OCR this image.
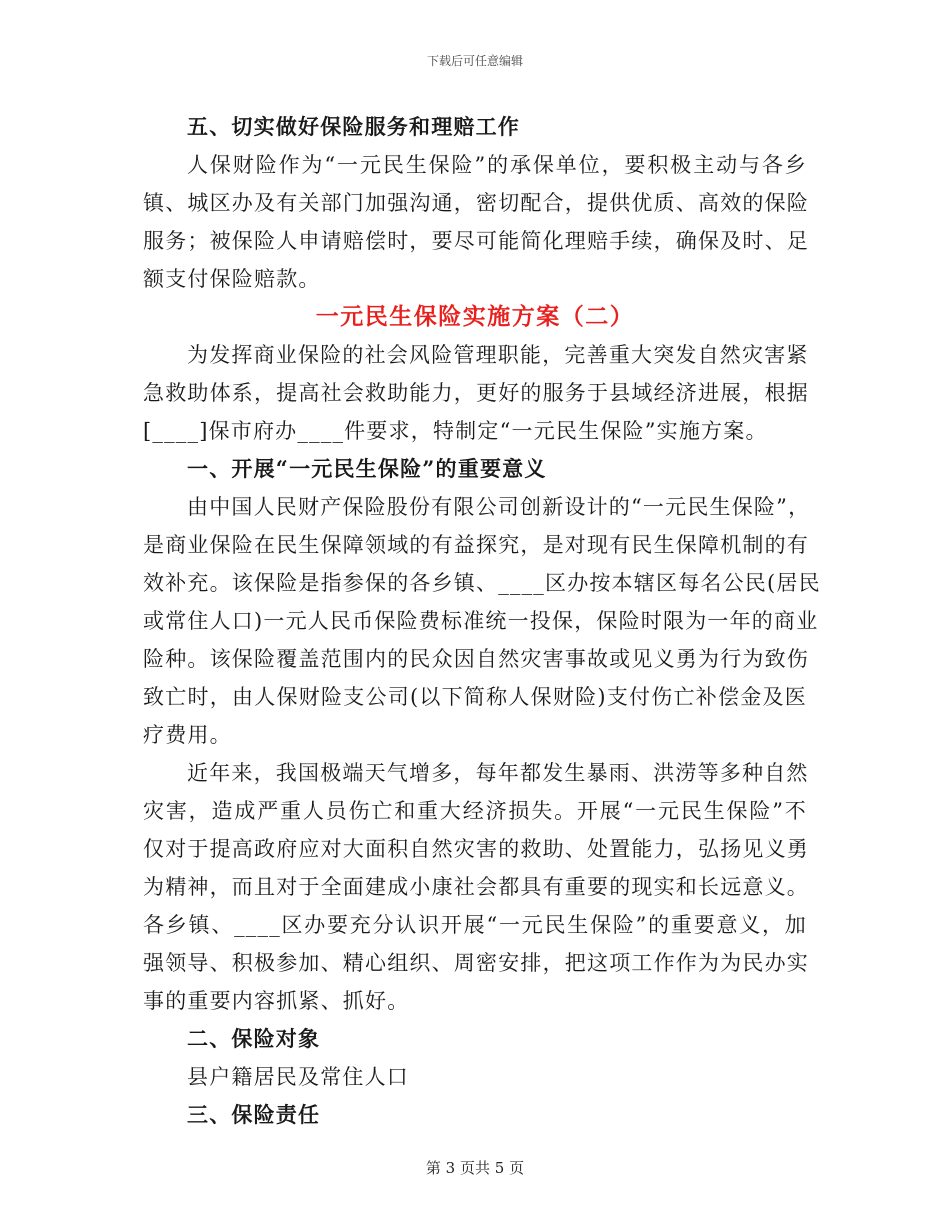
下载后可任意编辑
五、切实做好保险服务和理赔工作
人保财险作为“一元民生保险”的承保单位，要积极主动与各乡
镇、城区办及有关部门加强沟通，密切配合，提供优质、高效的保险
服务；被保险人申请赔偿时，要尽可能简化理赔手续，确保及时、足
额支付保险赔款。
一元民生保险实施方案（二）
为发挥商业保险的社会风险管理职能，完善重大突发自然灾害紧
急救助体系，提高社会救助能力，更好的服务于县域经济进展，根据
[____]保市府办____件要求，特制定“一元民生保险”实施方案。
一、开展“一元民生保险”的重要意义
由中国人民财产保险股份有限公司创新设计的“一元民生保险”，
是商业保险在民生保障领域的有益探究，是对现有民生保障机制的有
效补充。该保险是指参保的各乡镇、____区办按本辖区每名公民(居民
或常住人口)一元人民币保险费标准统一投保，保险时限为一年的商业
险种。该保险覆盖范围内的民众因自然灾害事故或见义勇为行为致伤
致亡时，由人保财险支公司(以下简称人保财险)支付伤亡补偿金及医
疗费用。
近年来，我国极端天气增多，每年都发生暴雨、洪涝等多种自然
灾害，造成严重人员伤亡和重大经济损失。开展“一元民生保险”不
仅对于提高政府应对大面积自然灾害的救助、处置能力，弘扬见义勇
为精神，而且对于全面建成小康社会都具有重要的现实和长远意义。
各乡镇、____区办要充分认识开展“一元民生保险”的重要意义，加
强领导、积极参加、精心组织、周密安排，把这项工作作为为民办实
事的重要内容抓紧、抓好。
二、保险对象
县户籍居民及常住人口
三、保险责任
第 3 页共 5 页
